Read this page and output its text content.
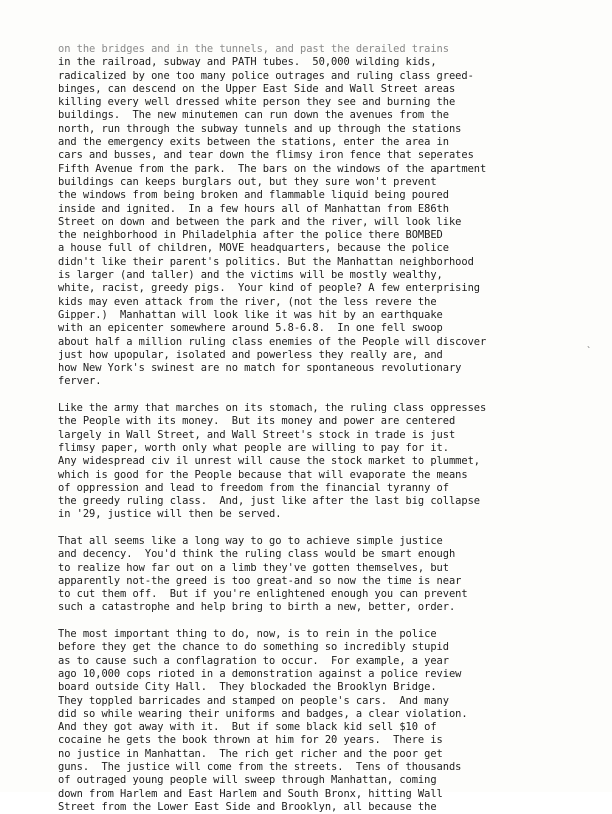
on the bridges and in the tunnels, and past the derailed trains
in the railroad, subway and PATH tubes.  50,000 wilding kids,
radicalized by one too many police outrages and ruling class greed-
binges, can descend on the Upper East Side and Wall Street areas
killing every well dressed white person they see and burning the
buildings.  The new minutemen can run down the avenues from the
north, run through the subway tunnels and up through the stations
and the emergency exits between the stations, enter the area in
cars and busses, and tear down the flimsy iron fence that seperates
Fifth Avenue from the park.  The bars on the windows of the apartment
buildings can keeps burglars out, but they sure won't prevent
the windows from being broken and flammable liquid being poured
inside and ignited.  In a few hours all of Manhattan from E86th
Street on down and between the park and the river, will look like
the neighborhood in Philadelphia after the police there BOMBED
a house full of children, MOVE headquarters, because the police
didn't like their parent's politics. But the Manhattan neighborhood
is larger (and taller) and the victims will be mostly wealthy,
white, racist, greedy pigs.  Your kind of people? A few enterprising
kids may even attack from the river, (not the less revere the
Gipper.)  Manhattan will look like it was hit by an earthquake
with an epicenter somewhere around 5.8-6.8.  In one fell swoop
about half a million ruling class enemies of the People will discover
just how upopular, isolated and powerless they really are, and
how New York's swinest are no match for spontaneous revolutionary
ferver.
Like the army that marches on its stomach, the ruling class oppresses
the People with its money.  But its money and power are centered
largely in Wall Street, and Wall Street's stock in trade is just
flimsy paper, worth only what people are willing to pay for it.
Any widespread civ il unrest will cause the stock market to plummet,
which is good for the People because that will evaporate the means
of oppression and lead to freedom from the financial tyranny of
the greedy ruling class.  And, just like after the last big collapse
in '29, justice will then be served.
That all seems like a long way to go to achieve simple justice
and decency.  You'd think the ruling class would be smart enough
to realize how far out on a limb they've gotten themselves, but
apparently not-the greed is too great-and so now the time is near
to cut them off.  But if you're enlightened enough you can prevent
such a catastrophe and help bring to birth a new, better, order.
The most important thing to do, now, is to rein in the police
before they get the chance to do something so incredibly stupid
as to cause such a conflagration to occur.  For example, a year
ago 10,000 cops rioted in a demonstration against a police review
board outside City Hall.  They blockaded the Brooklyn Bridge.
They toppled barricades and stamped on people's cars.  And many
did so while wearing their uniforms and badges, a clear violation.
And they got away with it.  But if some black kid sell $10 of
cocaine he gets the book thrown at him for 20 years.  There is
no justice in Manhattan.  The rich get richer and the poor get
guns.  The justice will come from the streets.  Tens of thousands
of outraged young people will sweep through Manhattan, coming
down from Harlem and East Harlem and South Bronx, hitting Wall
Street from the Lower East Side and Brooklyn, all because the
`
